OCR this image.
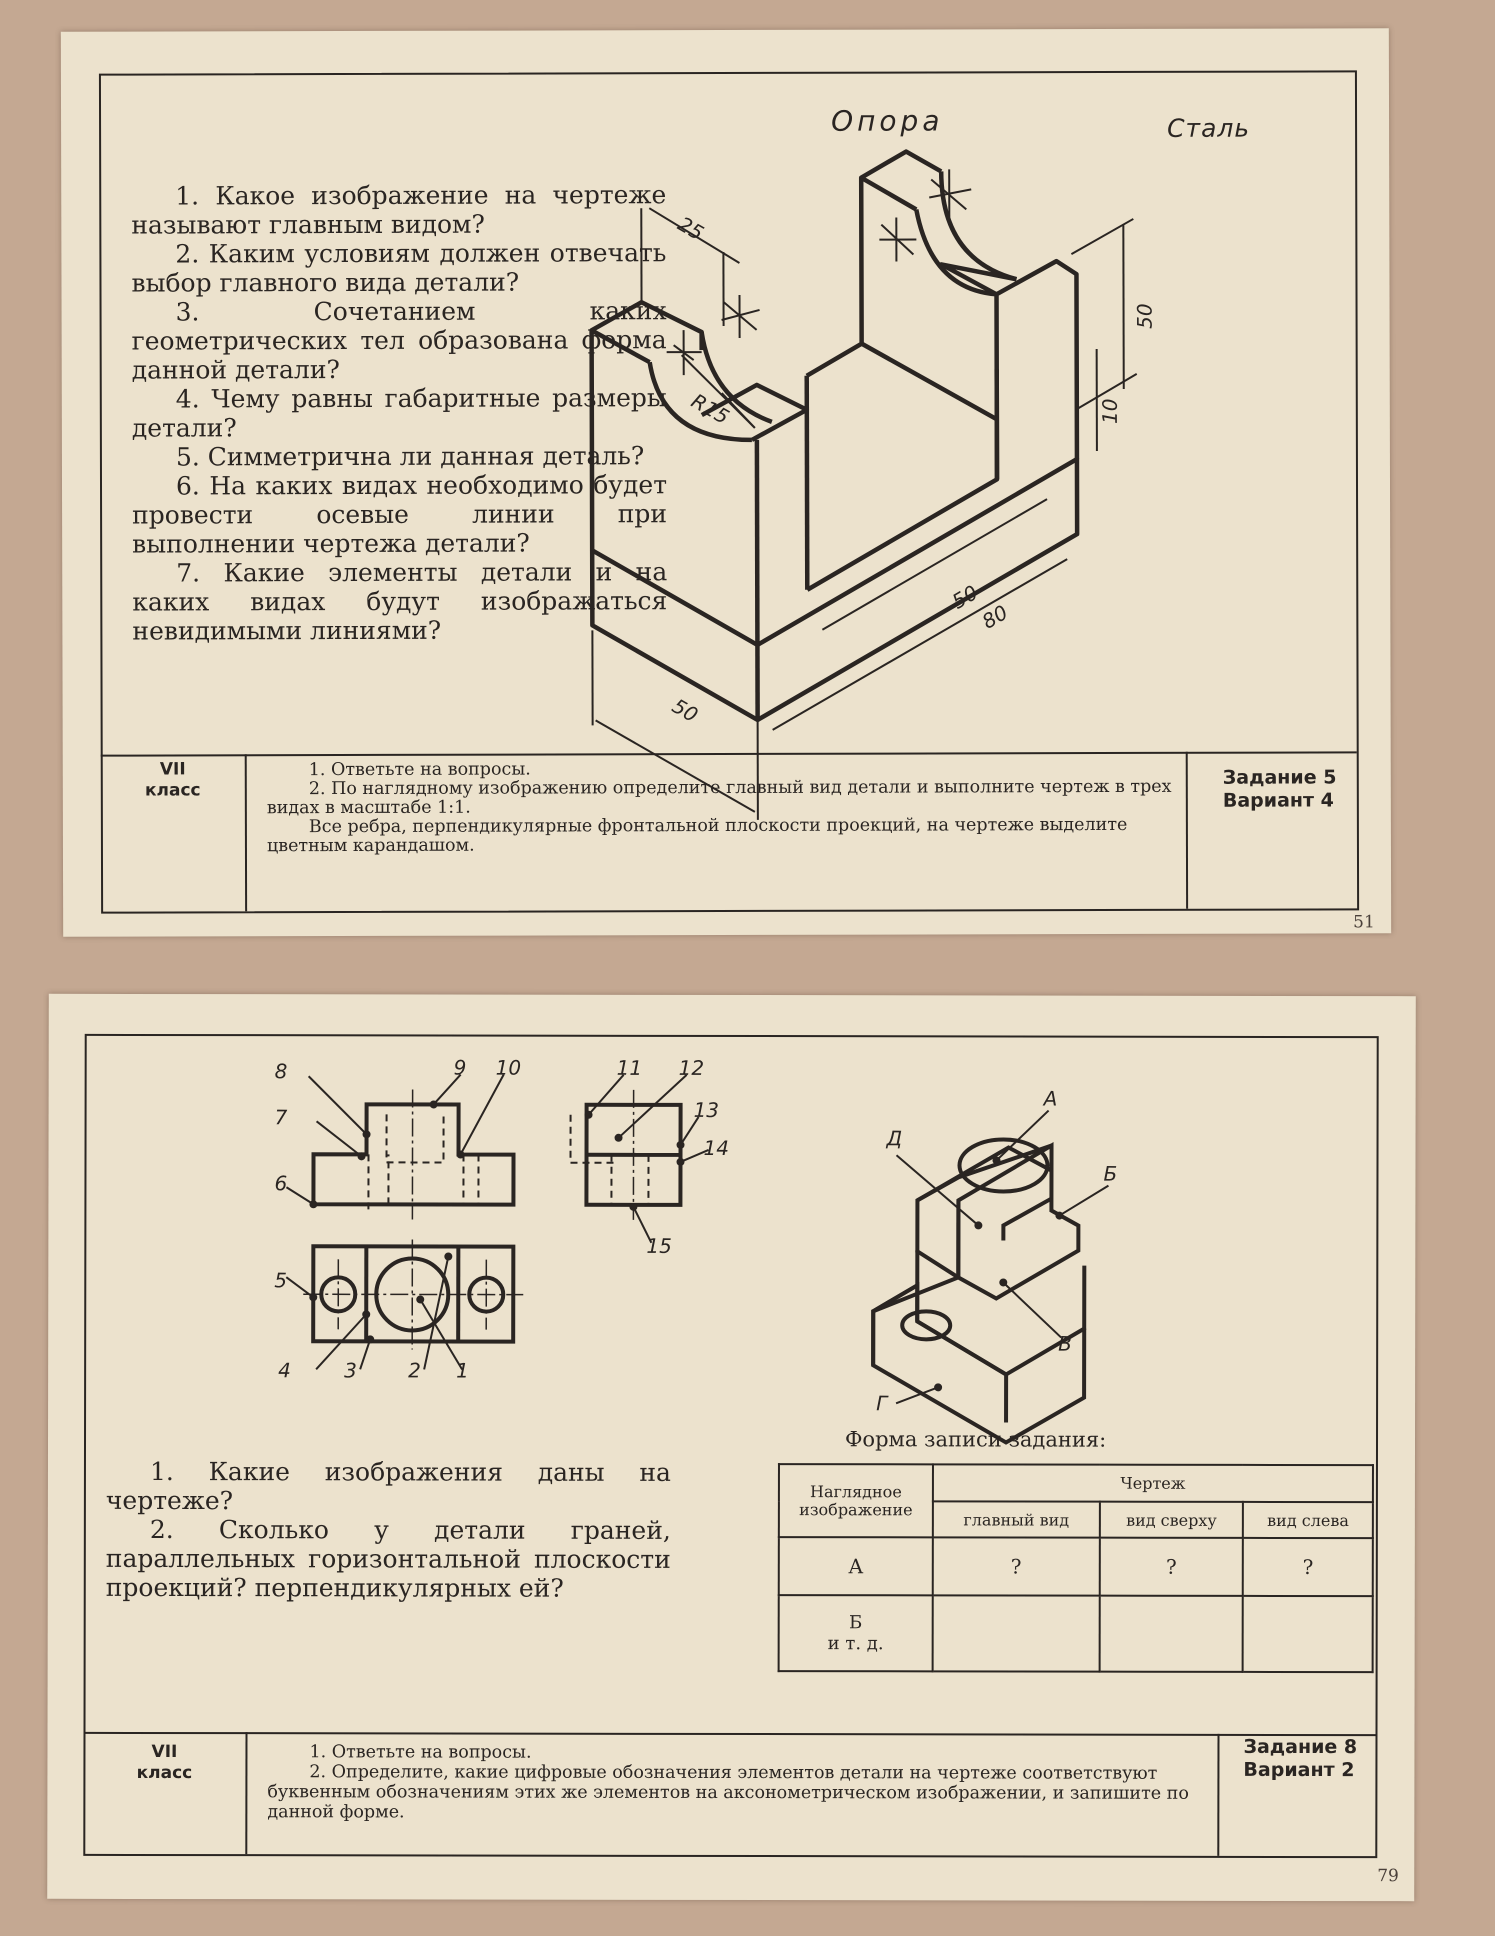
Опора	Сталь

1. Какое изображение на чертеже называют главным видом?

2. Каким условиям должен отвечать выбор главного вида детали?

3. Сочетанием каких геометрических тел образована форма данной детали?

4. Чему равны габаритные размеры детали?

5. Симметрична ли данная деталь?

6. На каких видах необходимо будет провести осевые линии при выполнении чертежа детали?

7. Какие элементы детали и на каких видах будут изображаться невидимыми линиями?

25
50
10
R15
50
80
50
VII
класс

1. Ответьте на вопросы.

2. По наглядному изображению определите главный вид детали и выполните чертеж в трех видах в масштабе 1:1.

Все ребра, перпендикулярные фронтальной плоскости проекций, на чертеже выделите цветным карандашом.

Задание 5
Вариант 4
51
1
2
3
4
5
6
7
8	9 10	11 12
13
14
15
А
Б
В
Г
Д

1. Какие изображения даны на чертеже?

2. Сколько у детали граней, параллельных горизонтальной плоскости проекций? перпендикулярных ей?

Форма записи задания:
Наглядное изображение	Чертеж		
	главный вид	вид сверху	вид слева
А	?	?	?

Б
и т. д.			

VII
класс

1. Ответьте на вопросы.

2. Определите, какие цифровые обозначения элементов детали на чертеже соответствуют буквенным обозначениям этих же элементов на аксонометрическом изображении, и запишите по данной форме.

Задание 8
Вариант 2
79
